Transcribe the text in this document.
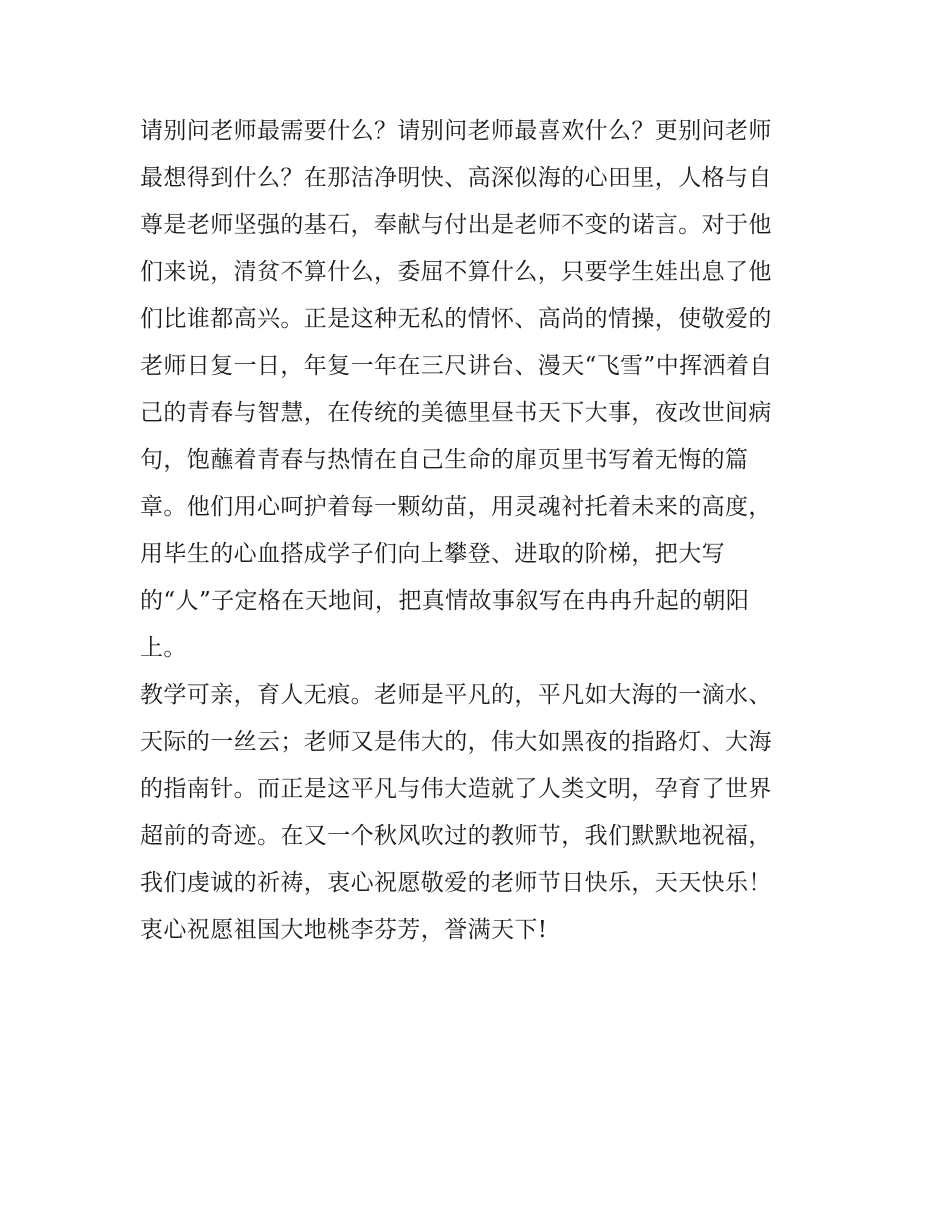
请别问老师最需要什么？请别问老师最喜欢什么？更别问老师
最想得到什么？在那洁净明快、高深似海的心田里，人格与自
尊是老师坚强的基石，奉献与付出是老师不变的诺言。对于他
们来说，清贫不算什么，委屈不算什么，只要学生娃出息了他
们比谁都高兴。正是这种无私的情怀、高尚的情操，使敬爱的
老师日复一日，年复一年在三尺讲台、漫天“飞雪”中挥洒着自
己的青春与智慧，在传统的美德里昼书天下大事，夜改世间病
句，饱蘸着青春与热情在自己生命的扉页里书写着无悔的篇
章。他们用心呵护着每一颗幼苗，用灵魂衬托着未来的高度，
用毕生的心血搭成学子们向上攀登、进取的阶梯，把大写
的“人”子定格在天地间，把真情故事叙写在冉冉升起的朝阳
上。
教学可亲，育人无痕。老师是平凡的，平凡如大海的一滴水、
天际的一丝云；老师又是伟大的，伟大如黑夜的指路灯、大海
的指南针。而正是这平凡与伟大造就了人类文明，孕育了世界
超前的奇迹。在又一个秋风吹过的教师节，我们默默地祝福，
我们虔诚的祈祷，衷心祝愿敬爱的老师节日快乐，天天快乐！
衷心祝愿祖国大地桃李芬芳，誉满天下!
